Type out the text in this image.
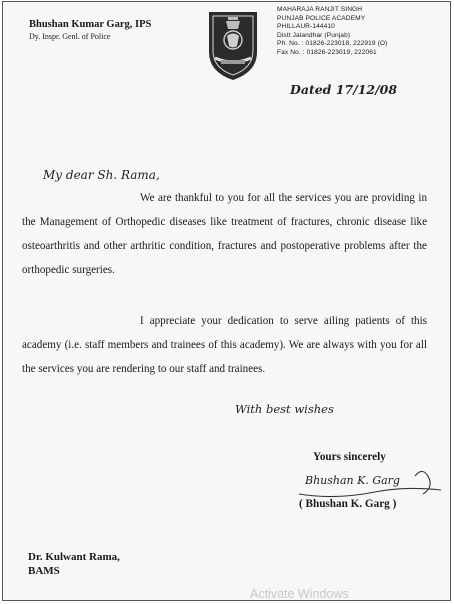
Bhushan Kumar Garg, IPS
Dy. Inspr. Genl. of Police
MAHARAJA RANJIT SINGH
PUNJAB POLICE ACADEMY
PHILLAUR-144410
Distt Jalandhar (Punjab)
Ph. No. : 01826-223018, 222919 (O)
Fax No. : 01826-223019, 222061
Dated 17/12/08
My dear Sh. Rama,

We are thankful to you for all the services you are providing in the Management of Orthopedic diseases like treatment of fractures, chronic disease like osteoarthritis and other arthritic condition, fractures and postoperative problems after the orthopedic surgeries.

I appreciate your dedication to serve ailing patients of this academy (i.e. staff members and trainees of this academy). We are always with you for all the services you are rendering to our staff and trainees.

With best wishes
Yours sincerely
Bhushan K. Garg
( Bhushan K. Garg )
Dr. Kulwant Rama,
BAMS
Activate Windows
